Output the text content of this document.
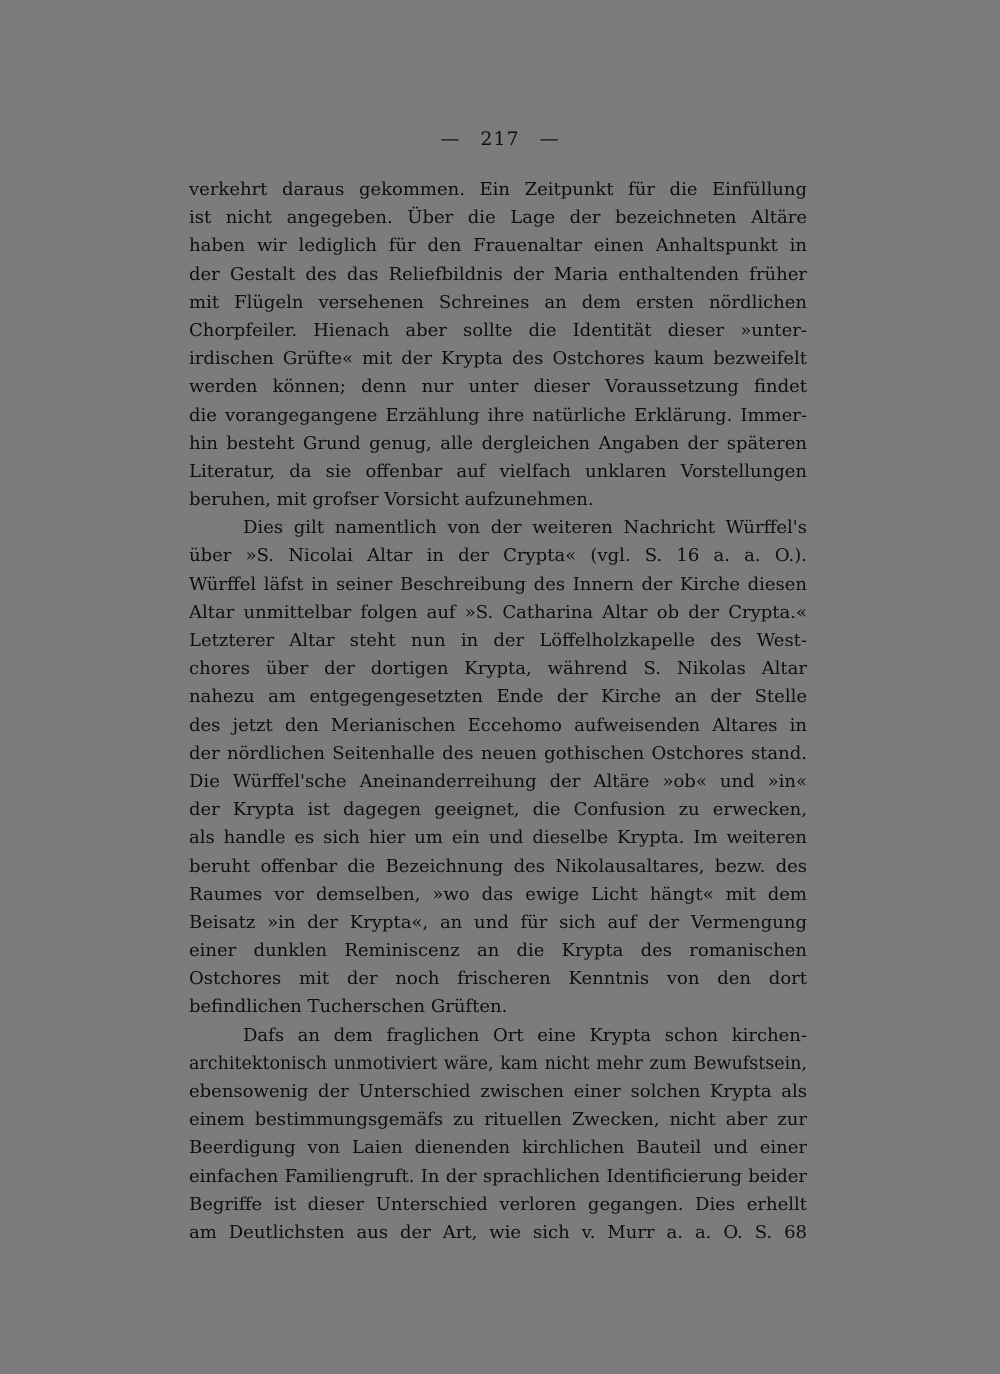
— 217 —
verkehrt daraus gekommen. Ein Zeitpunkt für die Einfüllung
ist nicht angegeben. Über die Lage der bezeichneten Altäre
haben wir lediglich für den Frauenaltar einen Anhaltspunkt in
der Gestalt des das Reliefbildnis der Maria enthaltenden früher
mit Flügeln versehenen Schreines an dem ersten nördlichen
Chorpfeiler. Hienach aber sollte die Identität dieser »unter-
irdischen Grüfte« mit der Krypta des Ostchores kaum bezweifelt
werden können; denn nur unter dieser Voraussetzung findet
die vorangegangene Erzählung ihre natürliche Erklärung. Immer-
hin besteht Grund genug, alle dergleichen Angaben der späteren
Literatur, da sie offenbar auf vielfach unklaren Vorstellungen
beruhen, mit grofser Vorsicht aufzunehmen.
Dies gilt namentlich von der weiteren Nachricht Würffel's
über »S. Nicolai Altar in der Crypta« (vgl. S. 16 a. a. O.).
Würffel läfst in seiner Beschreibung des Innern der Kirche diesen
Altar unmittelbar folgen auf »S. Catharina Altar ob der Crypta.«
Letzterer Altar steht nun in der Löffelholzkapelle des West-
chores über der dortigen Krypta, während S. Nikolas Altar
nahezu am entgegengesetzten Ende der Kirche an der Stelle
des jetzt den Merianischen Eccehomo aufweisenden Altares in
der nördlichen Seitenhalle des neuen gothischen Ostchores stand.
Die Würffel'sche Aneinanderreihung der Altäre »ob« und »in«
der Krypta ist dagegen geeignet, die Confusion zu erwecken,
als handle es sich hier um ein und dieselbe Krypta. Im weiteren
beruht offenbar die Bezeichnung des Nikolausaltares, bezw. des
Raumes vor demselben, »wo das ewige Licht hängt« mit dem
Beisatz »in der Krypta«, an und für sich auf der Vermengung
einer dunklen Reminiscenz an die Krypta des romanischen
Ostchores mit der noch frischeren Kenntnis von den dort
befindlichen Tucherschen Grüften.
Dafs an dem fraglichen Ort eine Krypta schon kirchen-
architektonisch unmotiviert wäre, kam nicht mehr zum Bewufstsein,
ebensowenig der Unterschied zwischen einer solchen Krypta als
einem bestimmungsgemäfs zu rituellen Zwecken, nicht aber zur
Beerdigung von Laien dienenden kirchlichen Bauteil und einer
einfachen Familiengruft. In der sprachlichen Identificierung beider
Begriffe ist dieser Unterschied verloren gegangen. Dies erhellt
am Deutlichsten aus der Art, wie sich v. Murr a. a. O. S. 68
